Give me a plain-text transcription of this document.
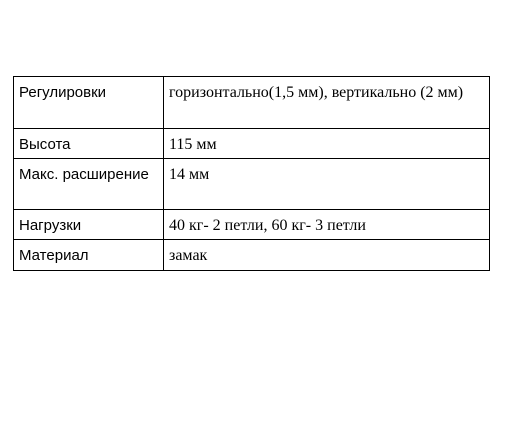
Регулировки	горизонтально(1,5 мм), вертикально (2 мм)
Высота	115 мм
Макс. расширение	14 мм
Нагрузки	40 кг- 2 петли, 60 кг- 3 петли
Материал	замак
